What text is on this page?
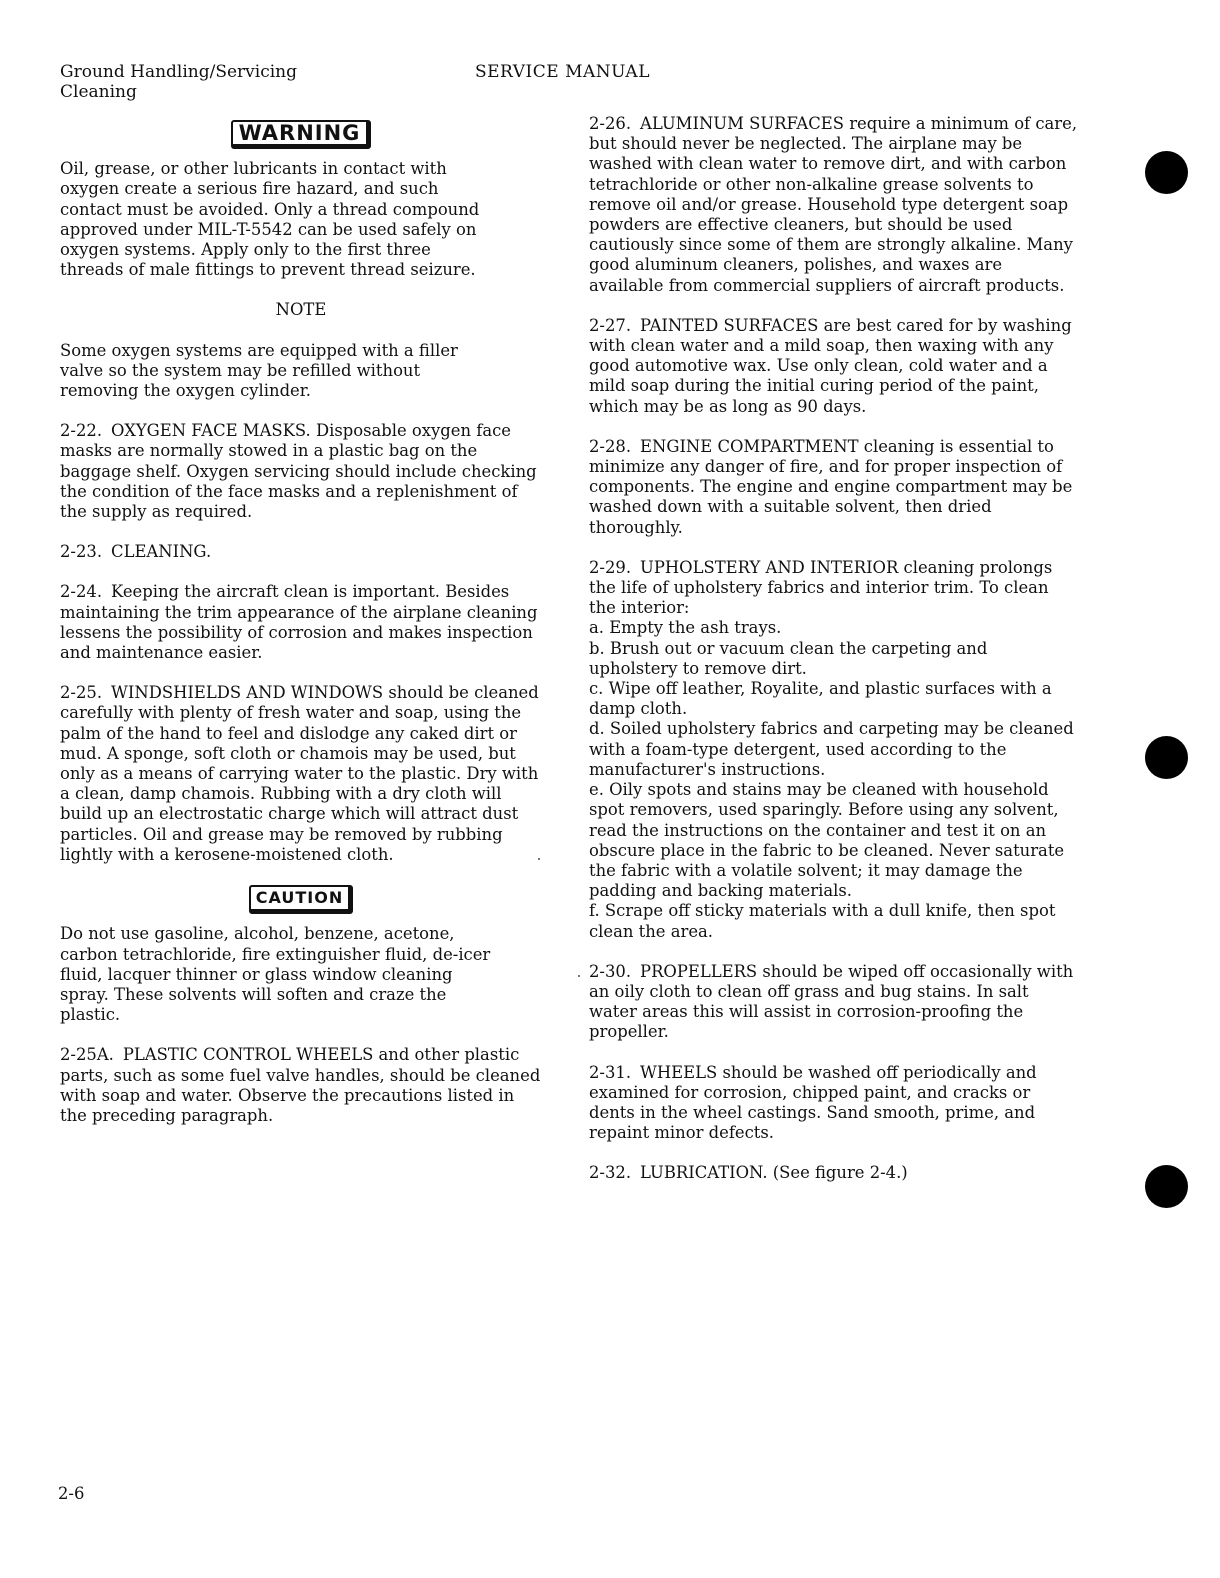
Ground Handling/Servicing
Cleaning
SERVICE MANUAL
WARNING

Oil, grease, or other lubricants in contact with oxygen create a serious fire hazard, and such contact must be avoided. Only a thread compound approved under MIL-T-5542 can be used safely on oxygen systems. Apply only to the first three threads of male fittings to prevent thread seizure.

NOTE

Some oxygen systems are equipped with a filler valve so the system may be refilled without removing the oxygen cylinder.

2-22. OXYGEN FACE MASKS. Disposable oxygen face masks are normally stowed in a plastic bag on the baggage shelf. Oxygen servicing should include checking the condition of the face masks and a replenishment of the supply as required.

2-23. CLEANING.

2-24. Keeping the aircraft clean is important. Besides maintaining the trim appearance of the airplane cleaning lessens the possibility of corrosion and makes inspection and maintenance easier.

2-25. WINDSHIELDS AND WINDOWS should be cleaned carefully with plenty of fresh water and soap, using the palm of the hand to feel and dislodge any caked dirt or mud. A sponge, soft cloth or chamois may be used, but only as a means of carrying water to the plastic. Dry with a clean, damp chamois. Rubbing with a dry cloth will build up an electrostatic charge which will attract dust particles. Oil and grease may be removed by rubbing lightly with a kerosene-moistened cloth.

CAUTION

Do not use gasoline, alcohol, benzene, acetone, carbon tetrachloride, fire extinguisher fluid, de-icer fluid, lacquer thinner or glass window cleaning spray. These solvents will soften and craze the plastic.

2-25A. PLASTIC CONTROL WHEELS and other plastic parts, such as some fuel valve handles, should be cleaned with soap and water. Observe the precautions listed in the preceding paragraph.

2-26. ALUMINUM SURFACES require a minimum of care, but should never be neglected. The airplane may be washed with clean water to remove dirt, and with carbon tetrachloride or other non-alkaline grease solvents to remove oil and/or grease. Household type detergent soap powders are effective cleaners, but should be used cautiously since some of them are strongly alkaline. Many good aluminum cleaners, polishes, and waxes are available from commercial suppliers of aircraft products.

2-27. PAINTED SURFACES are best cared for by washing with clean water and a mild soap, then waxing with any good automotive wax. Use only clean, cold water and a mild soap during the initial curing period of the paint, which may be as long as 90 days.

2-28. ENGINE COMPARTMENT cleaning is essential to minimize any danger of fire, and for proper inspection of components. The engine and engine compartment may be washed down with a suitable solvent, then dried thoroughly.

2-29. UPHOLSTERY AND INTERIOR cleaning prolongs the life of upholstery fabrics and interior trim. To clean the interior:
a. Empty the ash trays.
b. Brush out or vacuum clean the carpeting and upholstery to remove dirt.
c. Wipe off leather, Royalite, and plastic surfaces with a damp cloth.
d. Soiled upholstery fabrics and carpeting may be cleaned with a foam-type detergent, used according to the manufacturer's instructions.
e. Oily spots and stains may be cleaned with household spot removers, used sparingly. Before using any solvent, read the instructions on the container and test it on an obscure place in the fabric to be cleaned. Never saturate the fabric with a volatile solvent; it may damage the padding and backing materials.
f. Scrape off sticky materials with a dull knife, then spot clean the area.

2-30. PROPELLERS should be wiped off occasionally with an oily cloth to clean off grass and bug stains. In salt water areas this will assist in corrosion-proofing the propeller.

2-31. WHEELS should be washed off periodically and examined for corrosion, chipped paint, and cracks or dents in the wheel castings. Sand smooth, prime, and repaint minor defects.

2-32. LUBRICATION. (See figure 2-4.)

2-6
